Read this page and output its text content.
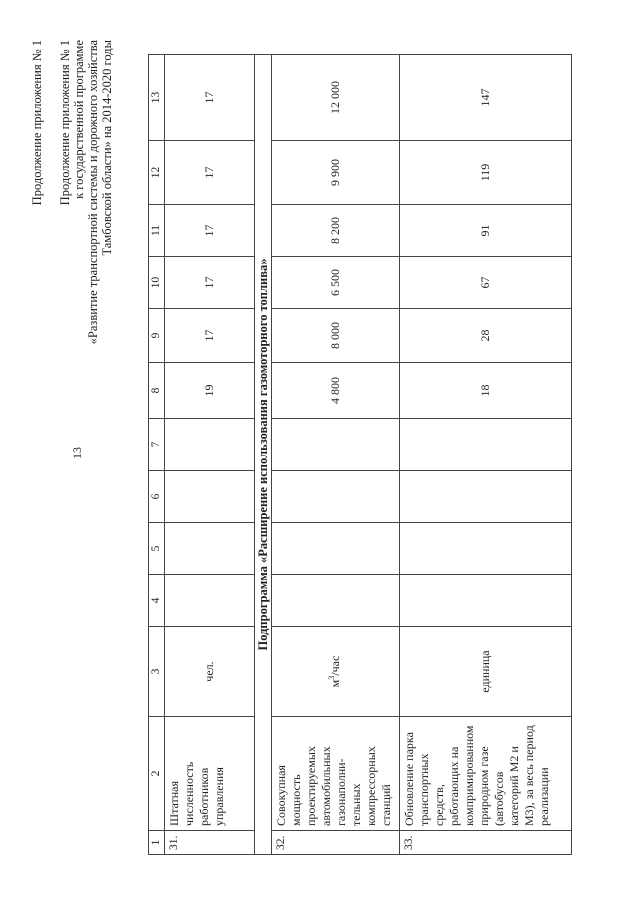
13
Продолжение приложения № 1 Продолжение приложения № 1 к государственной программе «Развитие транспортной системы и дорожного хозяйства Тамбовской области» на 2014-2020 годы
1	2	3	4	5	6	7	8	9	10	11	12	13
31.	Штатная численность работников управления	чел.					19	17	17	17	17	17
Подпрограмма «Расширение использования газомоторного топлива»												
32.	Совокупная мощность проектируемых автомобильных газонаполни-тельных компрессорных станций	$м^3$/час					4 800	8 000	6 500	8 200	9 900	12 000
33.	Обновление парка транспортных средств, работающих на компримированном природном газе (автобусов категорий М2 и М3), за весь период реализации	единица					18	28	67	91	119	147
